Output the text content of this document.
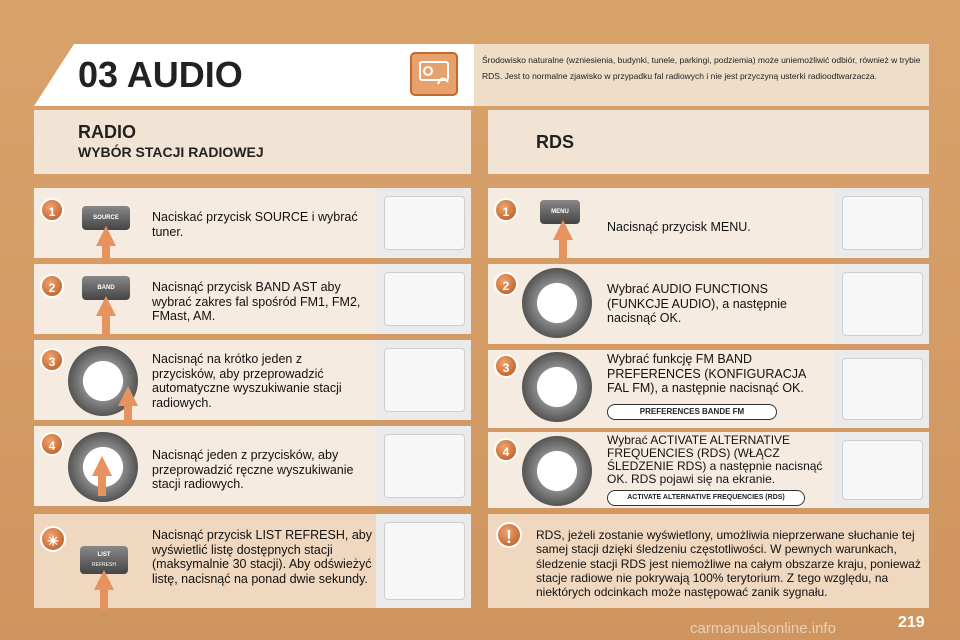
03 AUDIO	Środowisko naturalne (wzniesienia, budynki, tunele, parkingi, podziemia) może uniemożliwić odbiór, również w trybie RDS. Jest to normalne zjawisko w przypadku fal radiowych i nie jest przyczyną usterki radioodtwarzacza.
RADIO
WYBÓR STACJI RADIOWEJ
1	SOURCE	Naciskać przycisk SOURCE i wybrać tuner.
2	BAND	Nacisnąć przycisk BAND AST aby wybrać zakres fal spośród FM1, FM2, FMast, AM.
3	Nacisnąć na krótko jeden z przycisków, aby przeprowadzić automatyczne wyszukiwanie stacji radiowych.
4
Nacisnąć jeden z przycisków, aby przeprowadzić ręczne wyszukiwanie stacji radiowych.
☀
LIST
REFRESH
Nacisnąć przycisk LIST REFRESH, aby wyświetlić listę dostępnych stacji (maksymalnie 30 stacji). Aby odświeżyć listę, nacisnąć na ponad dwie sekundy.
RDS
1	MENU
Nacisnąć przycisk MENU.
2	Wybrać AUDIO FUNCTIONS (FUNKCJE AUDIO), a następnie nacisnąć OK.
3
Wybrać funkcję FM BAND PREFERENCES (KONFIGURACJA FAL FM), a następnie nacisnąć OK.
PREFERENCES BANDE FM
4
Wybrać ACTIVATE ALTERNATIVE FREQUENCIES (RDS) (WŁĄCZ ŚLEDZENIE RDS) a następnie nacisnąć OK. RDS pojawi się na ekranie.
ACTIVATE ALTERNATIVE FREQUENCIES (RDS)
!	RDS, jeżeli zostanie wyświetlony, umożliwia nieprzerwane słuchanie tej samej stacji dzięki śledzeniu częstotliwości. W pewnych warunkach, śledzenie stacji RDS jest niemożliwe na całym obszarze kraju, ponieważ stacje radiowe nie pokrywają 100% terytorium. Z tego względu, na niektórych odcinkach może następować zanik sygnału.
carmanualsonline.info	219
